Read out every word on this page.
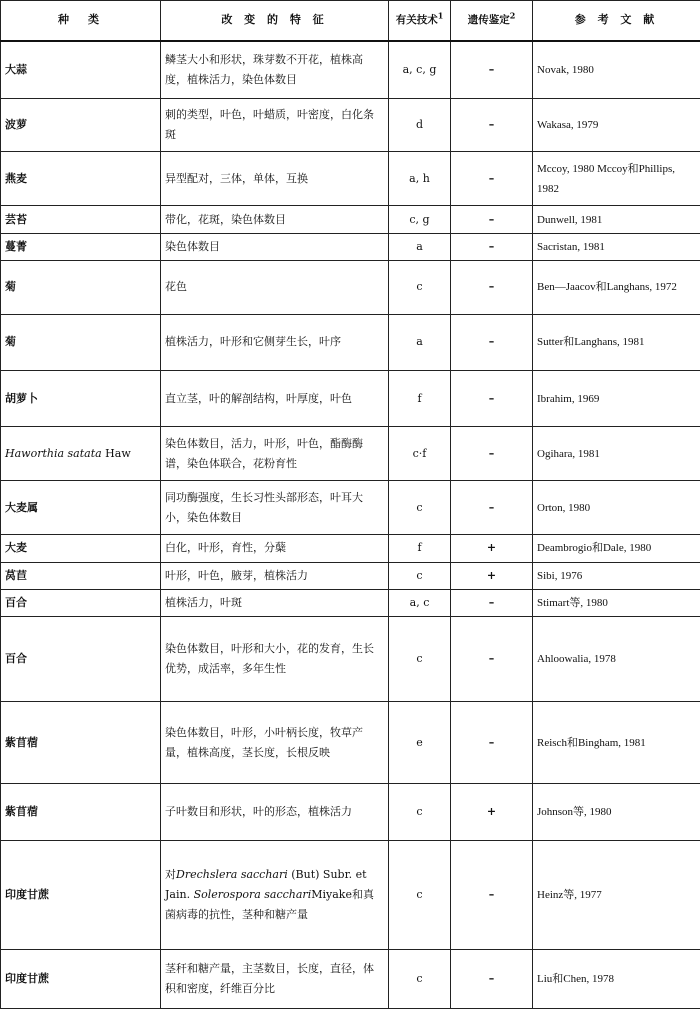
种　类	改 变 的 特 征	有关技术$^1$	遗传鉴定$^2$	参 考 文 献
大蒜	鳞茎大小和形状，珠芽数不开花，植株高度，植株活力，染色体数目	a, c, g	–	Novak, 1980
波萝	刺的类型，叶色，叶蜡质，叶密度，白化条斑	d	–	Wakasa, 1979
燕麦	异型配对，三体，单体，互换	a, h	–	Mccoy, 1980 Mccoy和Phillips, 1982
芸苔	带化，花斑，染色体数目	c, g	–	Dunwell, 1981
蔓菁	染色体数目	a	–	Sacristan, 1981
菊	花色	c	–	Ben—Jaacov和Langhans, 1972
菊	植株活力，叶形和它侧芽生长，叶序	a	–	Sutter和Langhans, 1981
胡萝卜	直立茎，叶的解剖结构，叶厚度，叶色	f	–	Ibrahim, 1969
Haworthia satata Haw	染色体数目，活力，叶形，叶色，酯酶酶谱，染色体联合，花粉育性	c·f	–	Ogihara, 1981
大麦属	同功酶强度，生长习性头部形态，叶耳大小，染色体数目	c	–	Orton, 1980
大麦	白化，叶形，育性，分蘖	f	+	Deambrogio和Dale, 1980
莴苣	叶形，叶色，腋芽，植株活力	c	+	Sibi, 1976
百合	植株活力，叶斑	a, c	–	Stimart等, 1980
百合	染色体数目，叶形和大小，花的发育，生长优势，成活率，多年生性	c	–	Ahloowalia, 1978
紫苜蓿	染色体数目，叶形，小叶柄长度，牧草产量，植株高度，茎长度，长根反映	e	–	Reisch和Bingham, 1981
紫苜蓿	子叶数目和形状，叶的形态，植株活力	c	+	Johnson等, 1980
印度甘蔗	对Drechslera sacchari (But) Subr. et Jain. Solerospora sacchariMiyake和真菌病毒的抗性，茎种和糖产量	c	–	Heinz等, 1977
印度甘蔗	茎秆和糖产量，主茎数目，长度，直径，体积和密度，纤维百分比	c	–	Liu和Chen, 1978
